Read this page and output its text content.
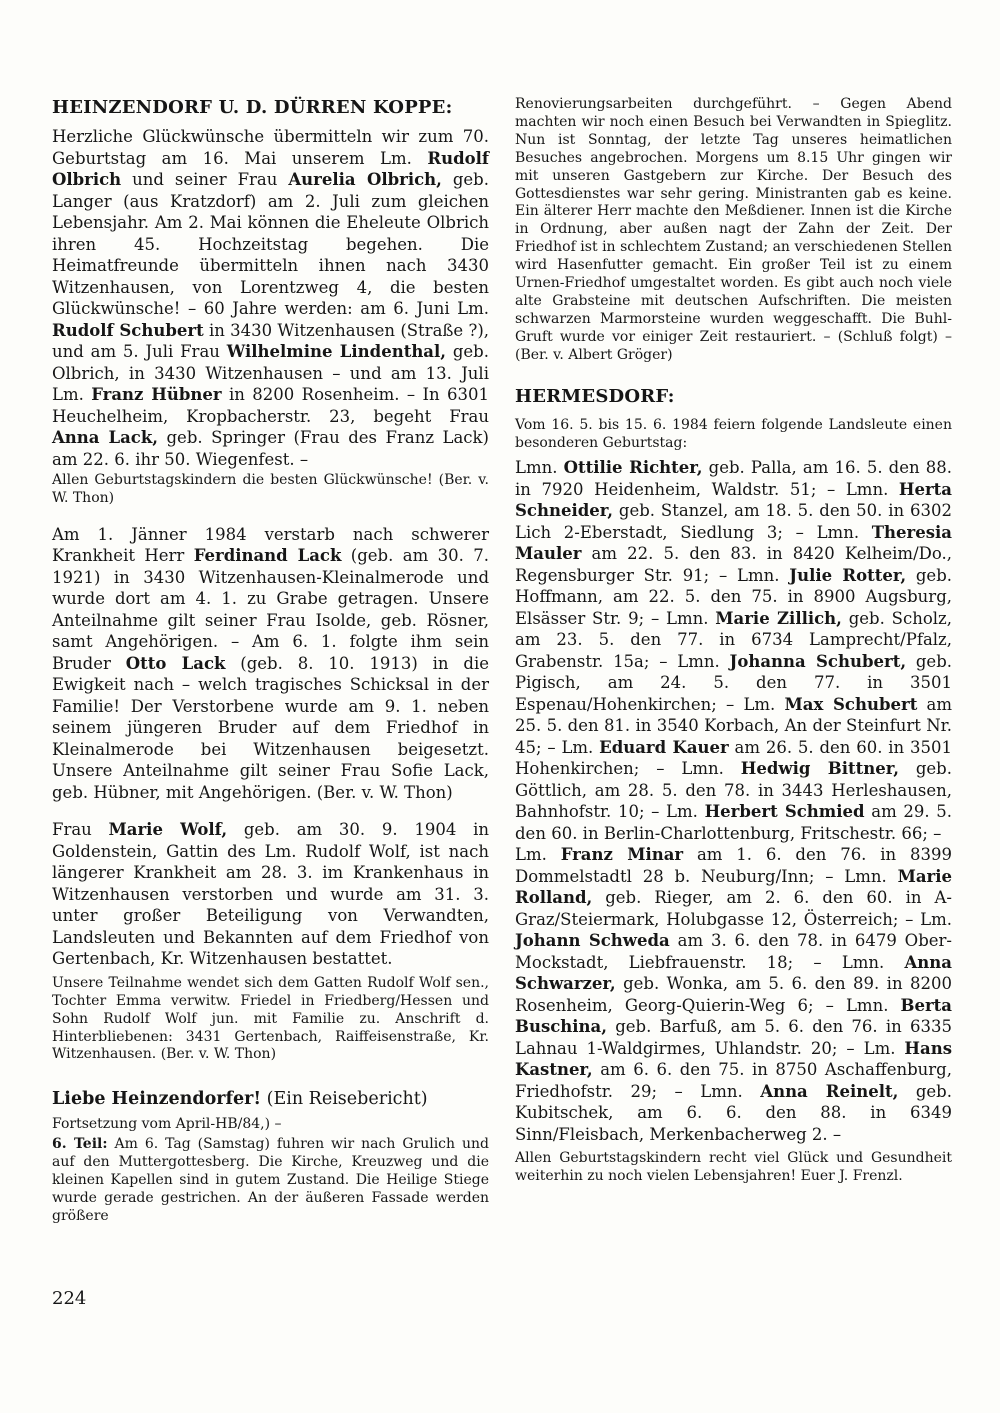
HEINZENDORF U. D. DÜRREN KOPPE:

Herzliche Glückwünsche übermitteln wir zum 70. Geburtstag am 16. Mai unserem Lm. Rudolf Olbrich und seiner Frau Aurelia Olbrich, geb. Langer (aus Kratzdorf) am 2. Juli zum gleichen Lebensjahr. Am 2. Mai können die Eheleute Olbrich ihren 45. Hochzeitstag begehen. Die Heimatfreunde übermitteln ihnen nach 3430 Witzenhausen, von Lorentzweg 4, die besten Glückwünsche! – 60 Jahre werden: am 6. Juni Lm. Rudolf Schubert in 3430 Witzenhausen (Straße ?), und am 5. Juli Frau Wilhelmine Lindenthal, geb. Olbrich, in 3430 Witzenhausen – und am 13. Juli Lm. Franz Hübner in 8200 Rosenheim. – In 6301 Heuchelheim, Kropbacherstr. 23, begeht Frau Anna Lack, geb. Springer (Frau des Franz Lack) am 22. 6. ihr 50. Wiegenfest. –

Allen Geburtstagskindern die besten Glückwünsche! (Ber. v. W. Thon)

Am 1. Jänner 1984 verstarb nach schwerer Krankheit Herr Ferdinand Lack (geb. am 30. 7. 1921) in 3430 Witzenhausen-Kleinalmerode und wurde dort am 4. 1. zu Grabe getragen. Unsere Anteilnahme gilt seiner Frau Isolde, geb. Rösner, samt Angehörigen. – Am 6. 1. folgte ihm sein Bruder Otto Lack (geb. 8. 10. 1913) in die Ewigkeit nach – welch tragisches Schicksal in der Familie! Der Verstorbene wurde am 9. 1. neben seinem jüngeren Bruder auf dem Friedhof in Kleinalmerode bei Witzenhausen beigesetzt. Unsere Anteilnahme gilt seiner Frau Sofie Lack, geb. Hübner, mit Angehörigen. (Ber. v. W. Thon)

Frau Marie Wolf, geb. am 30. 9. 1904 in Goldenstein, Gattin des Lm. Rudolf Wolf, ist nach längerer Krankheit am 28. 3. im Krankenhaus in Witzenhausen verstorben und wurde am 31. 3. unter großer Beteiligung von Verwandten, Landsleuten und Bekannten auf dem Friedhof von Gertenbach, Kr. Witzenhausen bestattet.

Unsere Teilnahme wendet sich dem Gatten Rudolf Wolf sen., Tochter Emma verwitw. Friedel in Friedberg/Hessen und Sohn Rudolf Wolf jun. mit Familie zu. Anschrift d. Hinterbliebenen: 3431 Gertenbach, Raiffeisenstraße, Kr. Witzenhausen. (Ber. v. W. Thon)

Liebe Heinzendorfer! (Ein Reisebericht)

Fortsetzung vom April-HB/84,) –

6. Teil: Am 6. Tag (Samstag) fuhren wir nach Grulich und auf den Muttergottesberg. Die Kirche, Kreuzweg und die kleinen Kapellen sind in gutem Zustand. Die Heilige Stiege wurde gerade gestrichen. An der äußeren Fassade werden größere

Renovierungsarbeiten durchgeführt. – Gegen Abend machten wir noch einen Besuch bei Verwandten in Spieglitz. Nun ist Sonntag, der letzte Tag unseres heimatlichen Besuches angebrochen. Morgens um 8.15 Uhr gingen wir mit unseren Gastgebern zur Kirche. Der Besuch des Gottesdienstes war sehr gering. Ministranten gab es keine. Ein älterer Herr machte den Meßdiener. Innen ist die Kirche in Ordnung, aber außen nagt der Zahn der Zeit. Der Friedhof ist in schlechtem Zustand; an verschiedenen Stellen wird Hasenfutter gemacht. Ein großer Teil ist zu einem Urnen-Friedhof umgestaltet worden. Es gibt auch noch viele alte Grabsteine mit deutschen Aufschriften. Die meisten schwarzen Marmorsteine wurden weggeschafft. Die Buhl-Gruft wurde vor einiger Zeit restauriert. – (Schluß folgt) – (Ber. v. Albert Gröger)

HERMESDORF:

Vom 16. 5. bis 15. 6. 1984 feiern folgende Landsleute einen besonderen Geburtstag:

Lmn. Ottilie Richter, geb. Palla, am 16. 5. den 88. in 7920 Heidenheim, Waldstr. 51; – Lmn. Herta Schneider, geb. Stanzel, am 18. 5. den 50. in 6302 Lich 2-Eberstadt, Siedlung 3; – Lmn. Theresia Mauler am 22. 5. den 83. in 8420 Kelheim/Do., Regensburger Str. 91; – Lmn. Julie Rotter, geb. Hoffmann, am 22. 5. den 75. in 8900 Augsburg, Elsässer Str. 9; – Lmn. Marie Zillich, geb. Scholz, am 23. 5. den 77. in 6734 Lamprecht/Pfalz, Grabenstr. 15a; – Lmn. Johanna Schubert, geb. Pigisch, am 24. 5. den 77. in 3501 Espenau/Hohenkirchen; – Lm. Max Schubert am 25. 5. den 81. in 3540 Korbach, An der Steinfurt Nr. 45; – Lm. Eduard Kauer am 26. 5. den 60. in 3501 Hohenkirchen; – Lmn. Hedwig Bittner, geb. Göttlich, am 28. 5. den 78. in 3443 Herleshausen, Bahnhofstr. 10; – Lm. Herbert Schmied am 29. 5. den 60. in Berlin-Charlottenburg, Fritschestr. 66; –

Lm. Franz Minar am 1. 6. den 76. in 8399 Dommelstadtl 28 b. Neuburg/Inn; – Lmn. Marie Rolland, geb. Rieger, am 2. 6. den 60. in A-Graz/Steiermark, Holubgasse 12, Österreich; – Lm. Johann Schweda am 3. 6. den 78. in 6479 Ober-Mockstadt, Liebfrauenstr. 18; – Lmn. Anna Schwarzer, geb. Wonka, am 5. 6. den 89. in 8200 Rosenheim, Georg-Quierin-Weg 6; – Lmn. Berta Buschina, geb. Barfuß, am 5. 6. den 76. in 6335 Lahnau 1-Waldgirmes, Uhlandstr. 20; – Lm. Hans Kastner, am 6. 6. den 75. in 8750 Aschaffenburg, Friedhofstr. 29; – Lmn. Anna Reinelt, geb. Kubitschek, am 6. 6. den 88. in 6349 Sinn/Fleisbach, Merkenbacherweg 2. –

Allen Geburtstagskindern recht viel Glück und Gesundheit weiterhin zu noch vielen Lebensjahren! Euer J. Frenzl.

224
